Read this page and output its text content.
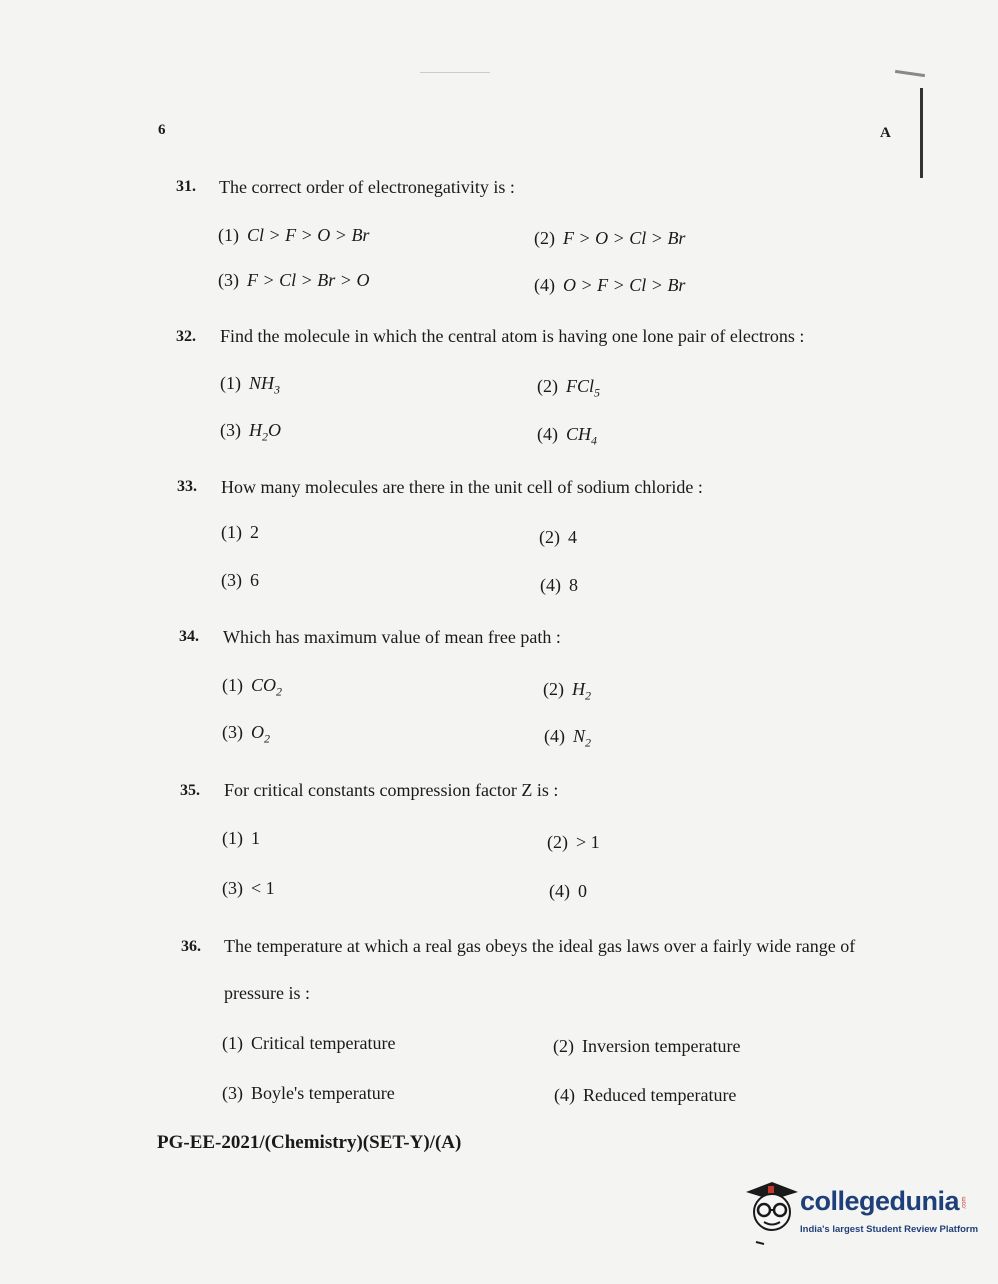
6	A
31. The correct order of electronegativity is :
(1) Cl > F > O > Br	(2) F > O > Cl > Br
(3) F > Cl > Br > O	(4) O > F > Cl > Br
32. Find the molecule in which the central atom is having one lone pair of electrons :
(1) $NH_3$	(2) FCl$_5$
(3) $H_2O$	(4) $CH_4$
33. How many molecules are there in the unit cell of sodium chloride :
(1) 2	(2) 4
(3) 6	(4) 8
34. Which has maximum value of mean free path :
(1) $CO_2$	(2) $H_2$
(3) $O_2$	(4) $N_2$
35. For critical constants compression factor Z is :
(1) 1	(2) > 1
(3) < 1	(4) 0
36. The temperature at which a real gas obeys the ideal gas laws over a fairly wide range of
pressure is :
(1) Critical temperature	(2) Inversion temperature
(3) Boyle's temperature	(4) Reduced temperature
PG-EE-2021/(Chemistry)(SET-Y)/(A)
collegedunia
India's largest Student Review Platform
.com
